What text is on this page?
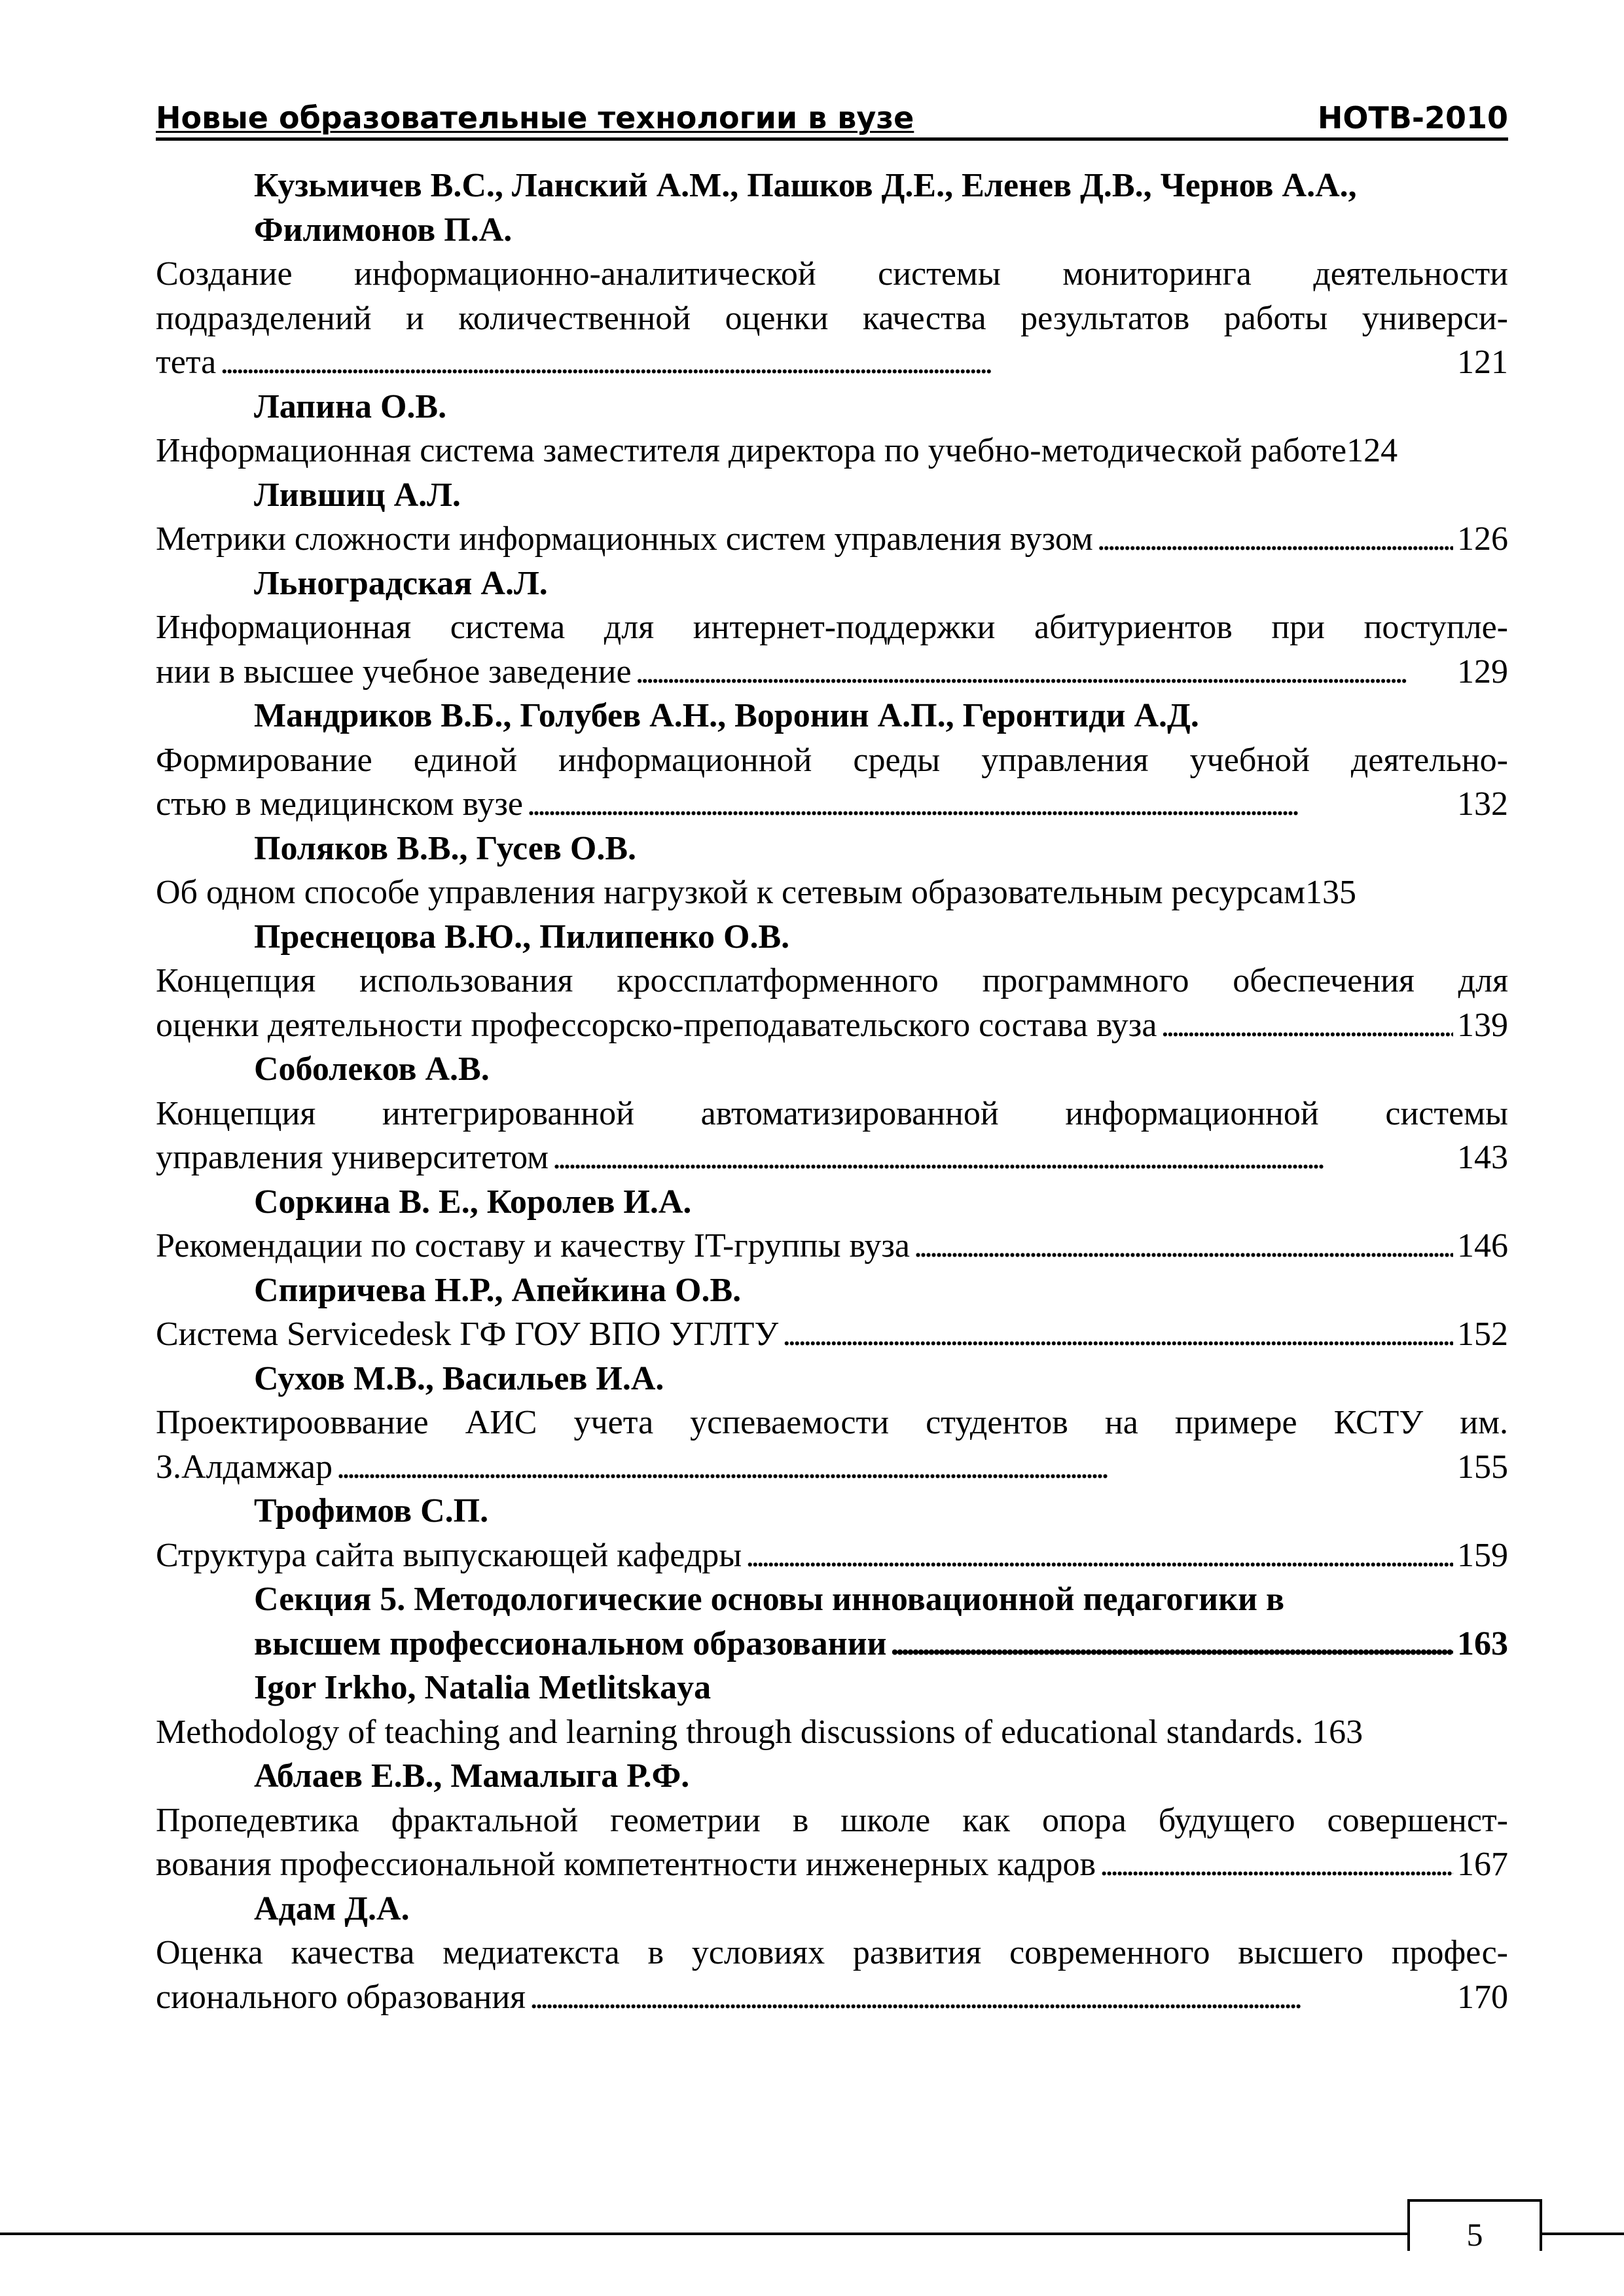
Новые образовательные технологии в вузе	НОТВ-2010

Кузьмичев В.С., Ланский А.М., Пашков Д.Е., Еленев Д.В., Чернов А.А., Филимонов П.А.
Создание информационно-аналитической системы мониторинга деятельности подразделений и количественной оценки качества результатов работы универси-
тета . . .	121
Лапина О.В.
Информационная система заместителя директора по учебно-методической работе 124
Лившиц А.Л.
Метрики сложности информационных систем управления вузом . . .	126
Льноградская А.Л.
Информационная система для интернет-поддержки абитуриентов при поступле-
нии в высшее учебное заведение . . .	129
Мандриков В.Б., Голубев А.Н., Воронин А.П., Геронтиди А.Д.
Формирование единой информационной среды управления учебной деятельно-
стью в медицинском вузе . . .	132
Поляков В.В., Гусев О.В.
Об одном способе управления нагрузкой к сетевым образовательным ресурсам 135
Преснецова В.Ю., Пилипенко О.В.
Концепция использования кроссплатформенного программного обеспечения для
оценки деятельности профессорско-преподавательского состава вуза . . .	139
Соболеков А.В.
Концепция интегрированной автоматизированной информационной системы
управления университетом . . .	143
Соркина В. Е., Королев И.А.
Рекомендации по составу и качеству IT-группы вуза . . .	146
Спиричева Н.Р., Апейкина О.В.
Система Servicedesk ГФ ГОУ ВПО УГЛТУ . . .	152
Сухов М.В., Васильев И.А.
Проектирооввание АИС учета успеваемости студентов на примере КСТУ им.
З.Алдамжар . . .	155
Трофимов С.П.
Структура сайта выпускающей кафедры . . .	159
Секция 5. Методологические основы инновационной педагогики в
высшем профессиональном образовании . . .	163
Igor Irkho, Natalia Metlitskaya
Methodology of teaching and learning through discussions of educational standards . 163
Аблаев Е.В., Мамалыга Р.Ф.
Пропедевтика фрактальной геометрии в школе как опора будущего совершенст-
вования профессиональной компетентности инженерных кадров . . .	167
Адам Д.А.
Оценка качества медиатекста в условиях развития современного высшего профес-
сионального образования . . .	170
5
